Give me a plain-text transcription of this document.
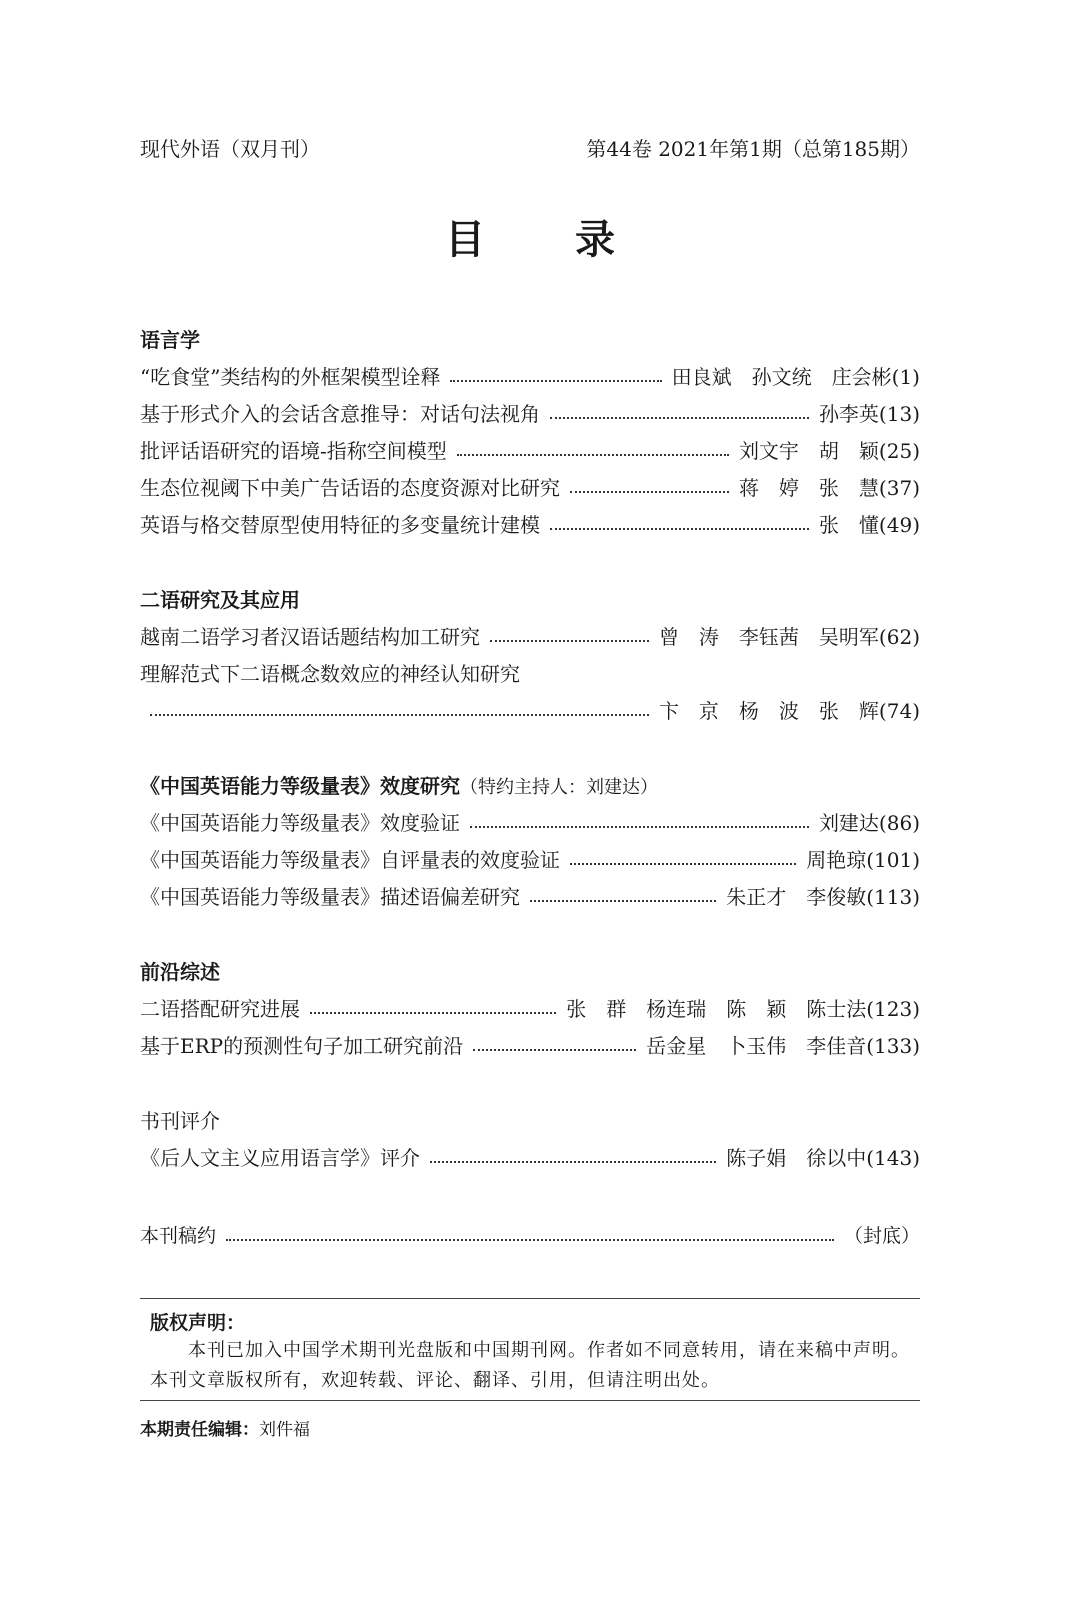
现代外语（双月刊）	第44卷 2021年第1期（总第185期）
目录
语言学
“吃食堂”类结构的外框架模型诠释	田良斌　孙文统　庄会彬(1)
基于形式介入的会话含意推导：对话句法视角	孙李英(13)
批评话语研究的语境-指称空间模型	刘文宇　胡　颖(25)
生态位视阈下中美广告话语的态度资源对比研究	蒋　婷　张　慧(37)
英语与格交替原型使用特征的多变量统计建模	张　懂(49)
二语研究及其应用
越南二语学习者汉语话题结构加工研究	曾　涛　李钰茜　吴明军(62)
理解范式下二语概念数效应的神经认知研究
卞　京　杨　波　张　辉(74)
《中国英语能力等级量表》效度研究（特约主持人：刘建达）
《中国英语能力等级量表》效度验证	刘建达(86)
《中国英语能力等级量表》自评量表的效度验证	周艳琼(101)
《中国英语能力等级量表》描述语偏差研究	朱正才　李俊敏(113)
前沿综述
二语搭配研究进展	张　群　杨连瑞　陈　颖　陈士法(123)
基于ERP的预测性句子加工研究前沿	岳金星　卜玉伟　李佳音(133)
书刊评介
《后人文主义应用语言学》评介	陈子娟　徐以中(143)
本刊稿约	（封底）
版权声明：
本刊已加入中国学术期刊光盘版和中国期刊网。作者如不同意转用，请在来稿中声明。本刊文章版权所有，欢迎转载、评论、翻译、引用，但请注明出处。
本期责任编辑：刘件福
